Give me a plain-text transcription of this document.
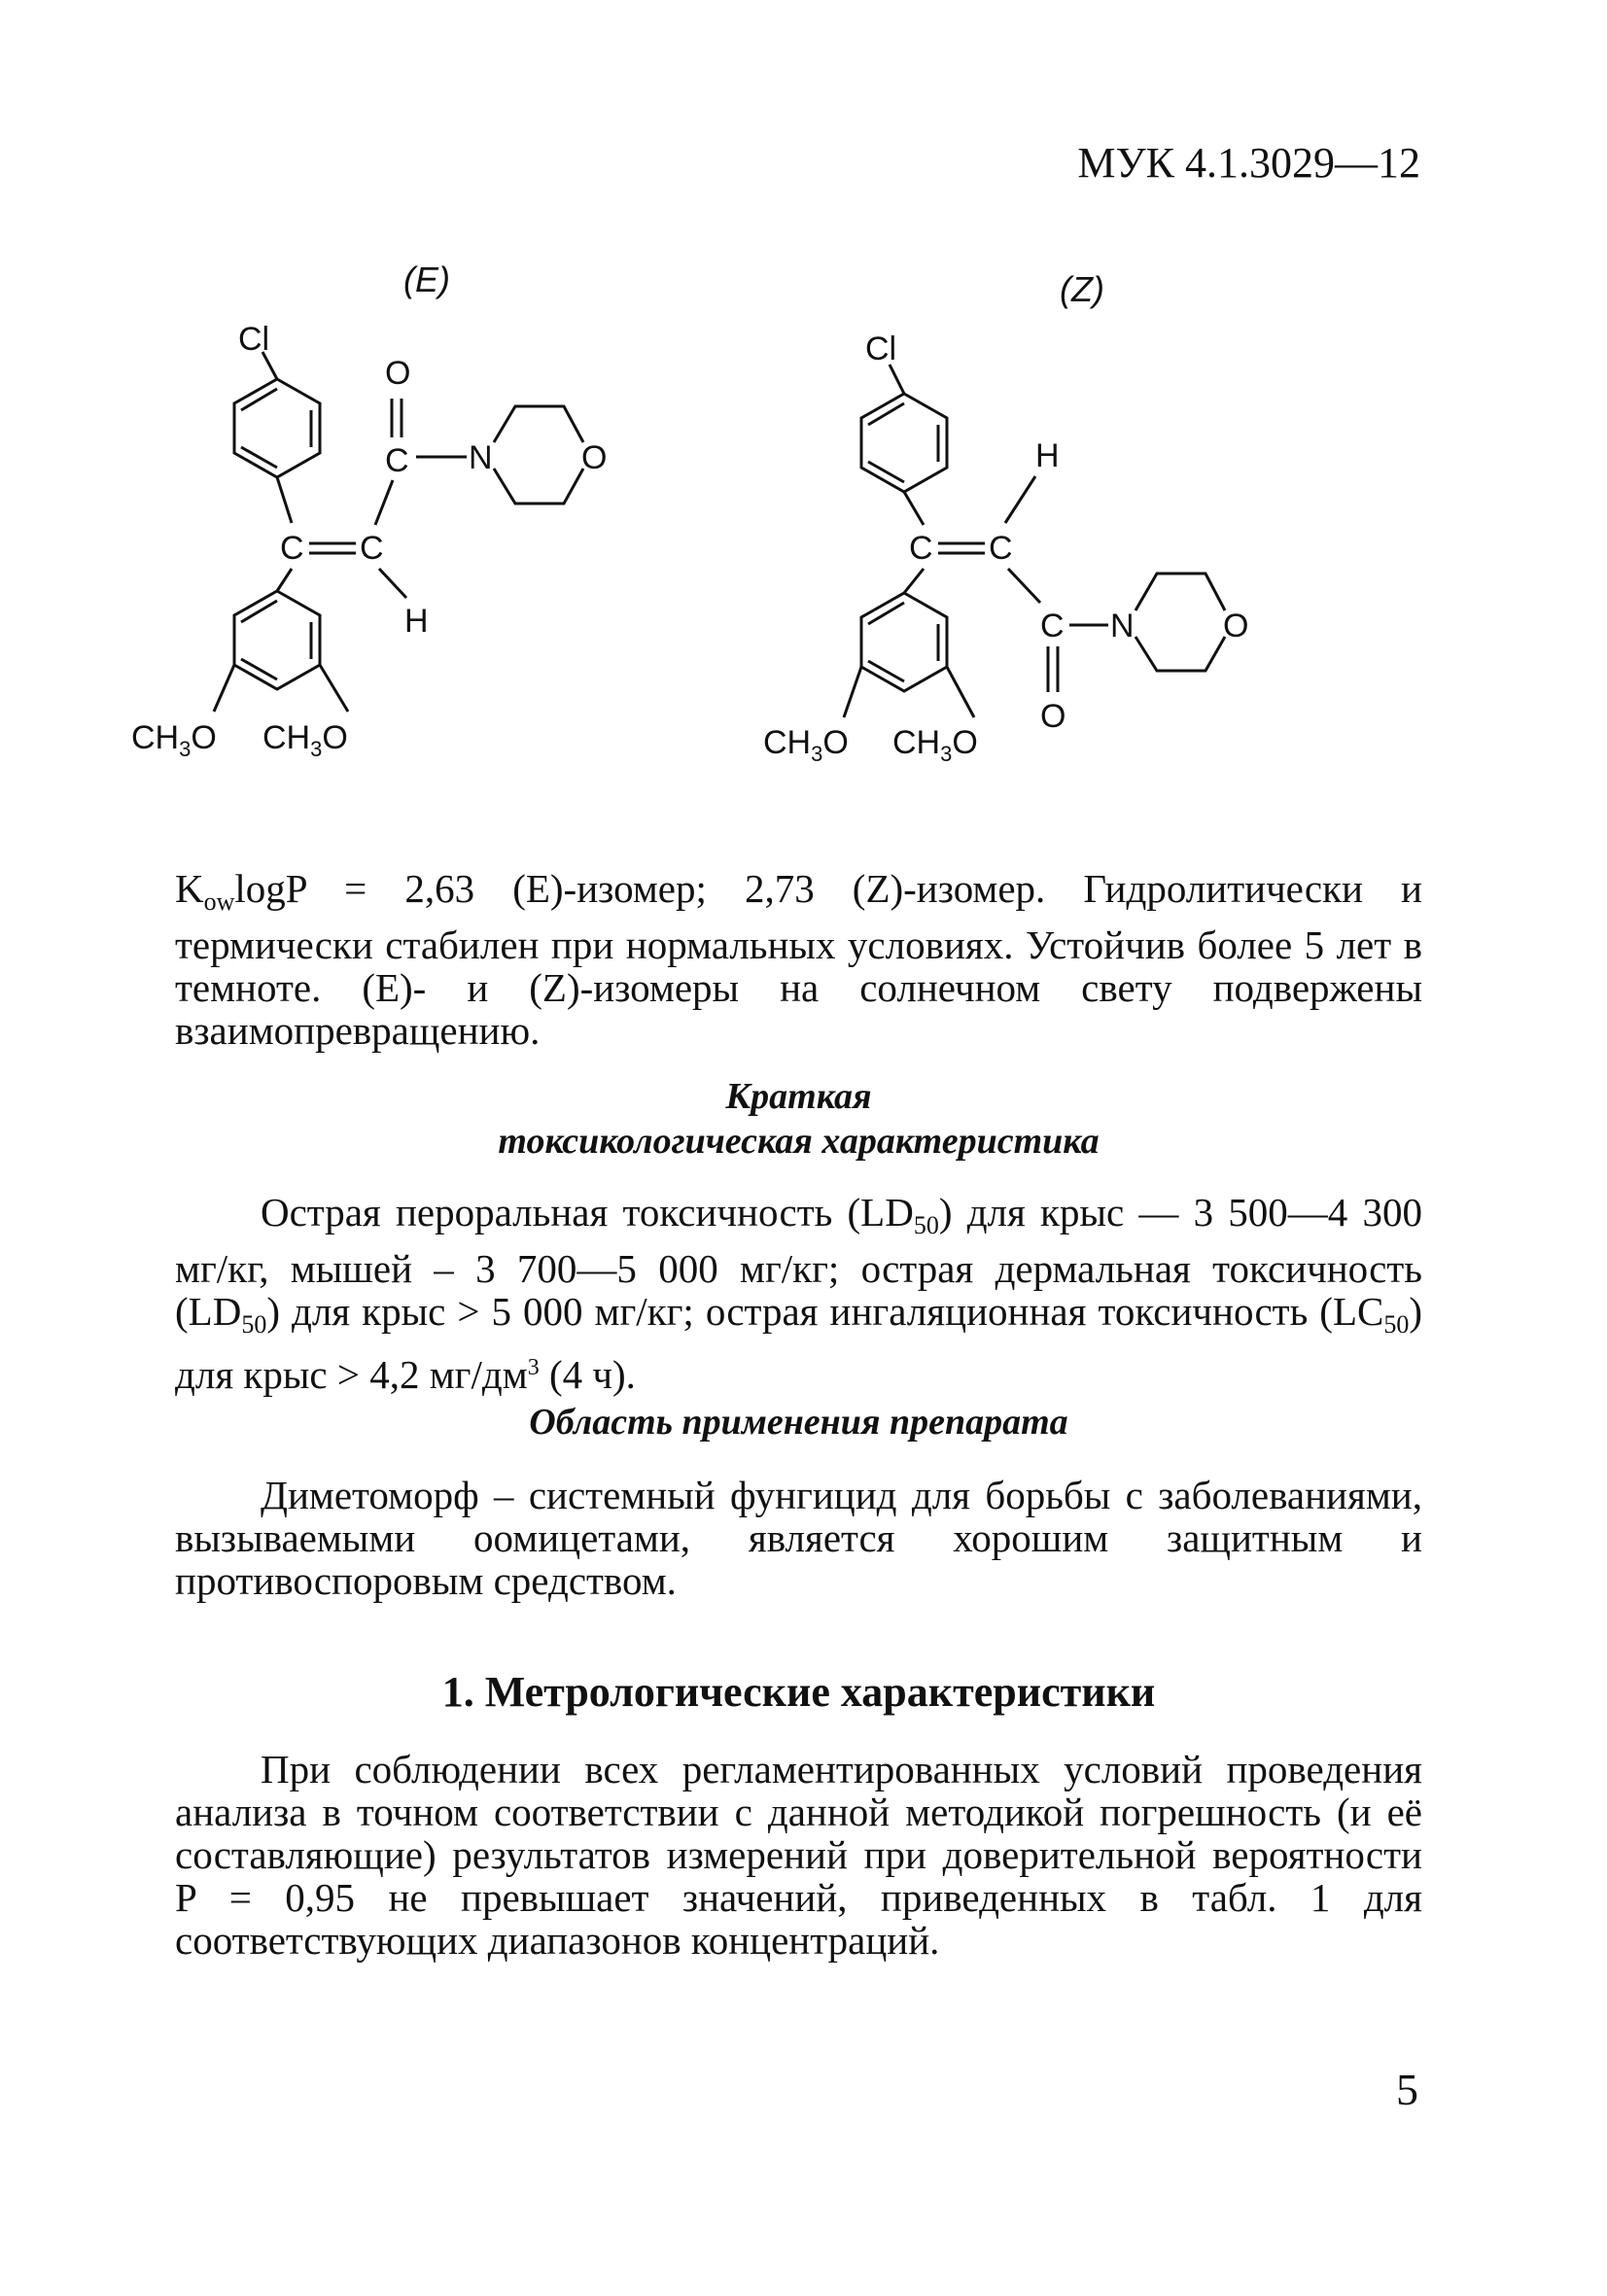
МУК 4.1.3029—12
(E)
Cl
C C
H
C
O
N	O
$CH_3O$ $CH_3O$
(Z)
Cl
C C
H
C
O
N	O
$CH_3O$ $CH_3O$

KowlogP = 2,63 (E)-изомер; 2,73 (Z)-изомер. Гидролитически и термически стабилен при нормальных условиях. Устойчив более 5 лет в темноте. (E)- и (Z)-изомеры на солнечном свету подвержены взаимопревращению.

Краткая
токсикологическая характеристика

Острая пероральная токсичность (LD50) для крыс — 3 500—4 300 мг/кг, мышей – 3 700—5 000 мг/кг; острая дермальная токсичность (LD50) для крыс > 5 000 мг/кг; острая ингаляционная токсичность (LC50) для крыс > 4,2 $мг/дм^3$ (4 ч).

Область применения препарата

Диметоморф – системный фунгицид для борьбы с заболеваниями, вызываемыми оомицетами, является хорошим защитным и противоспоровым средством.

1. Метрологические характеристики

При соблюдении всех регламентированных условий проведения анализа в точном соответствии с данной методикой погрешность (и её составляющие) результатов измерений при доверительной вероятности P = 0,95 не превышает значений, приведенных в табл. 1 для соответствующих диапазонов концентраций.

5
